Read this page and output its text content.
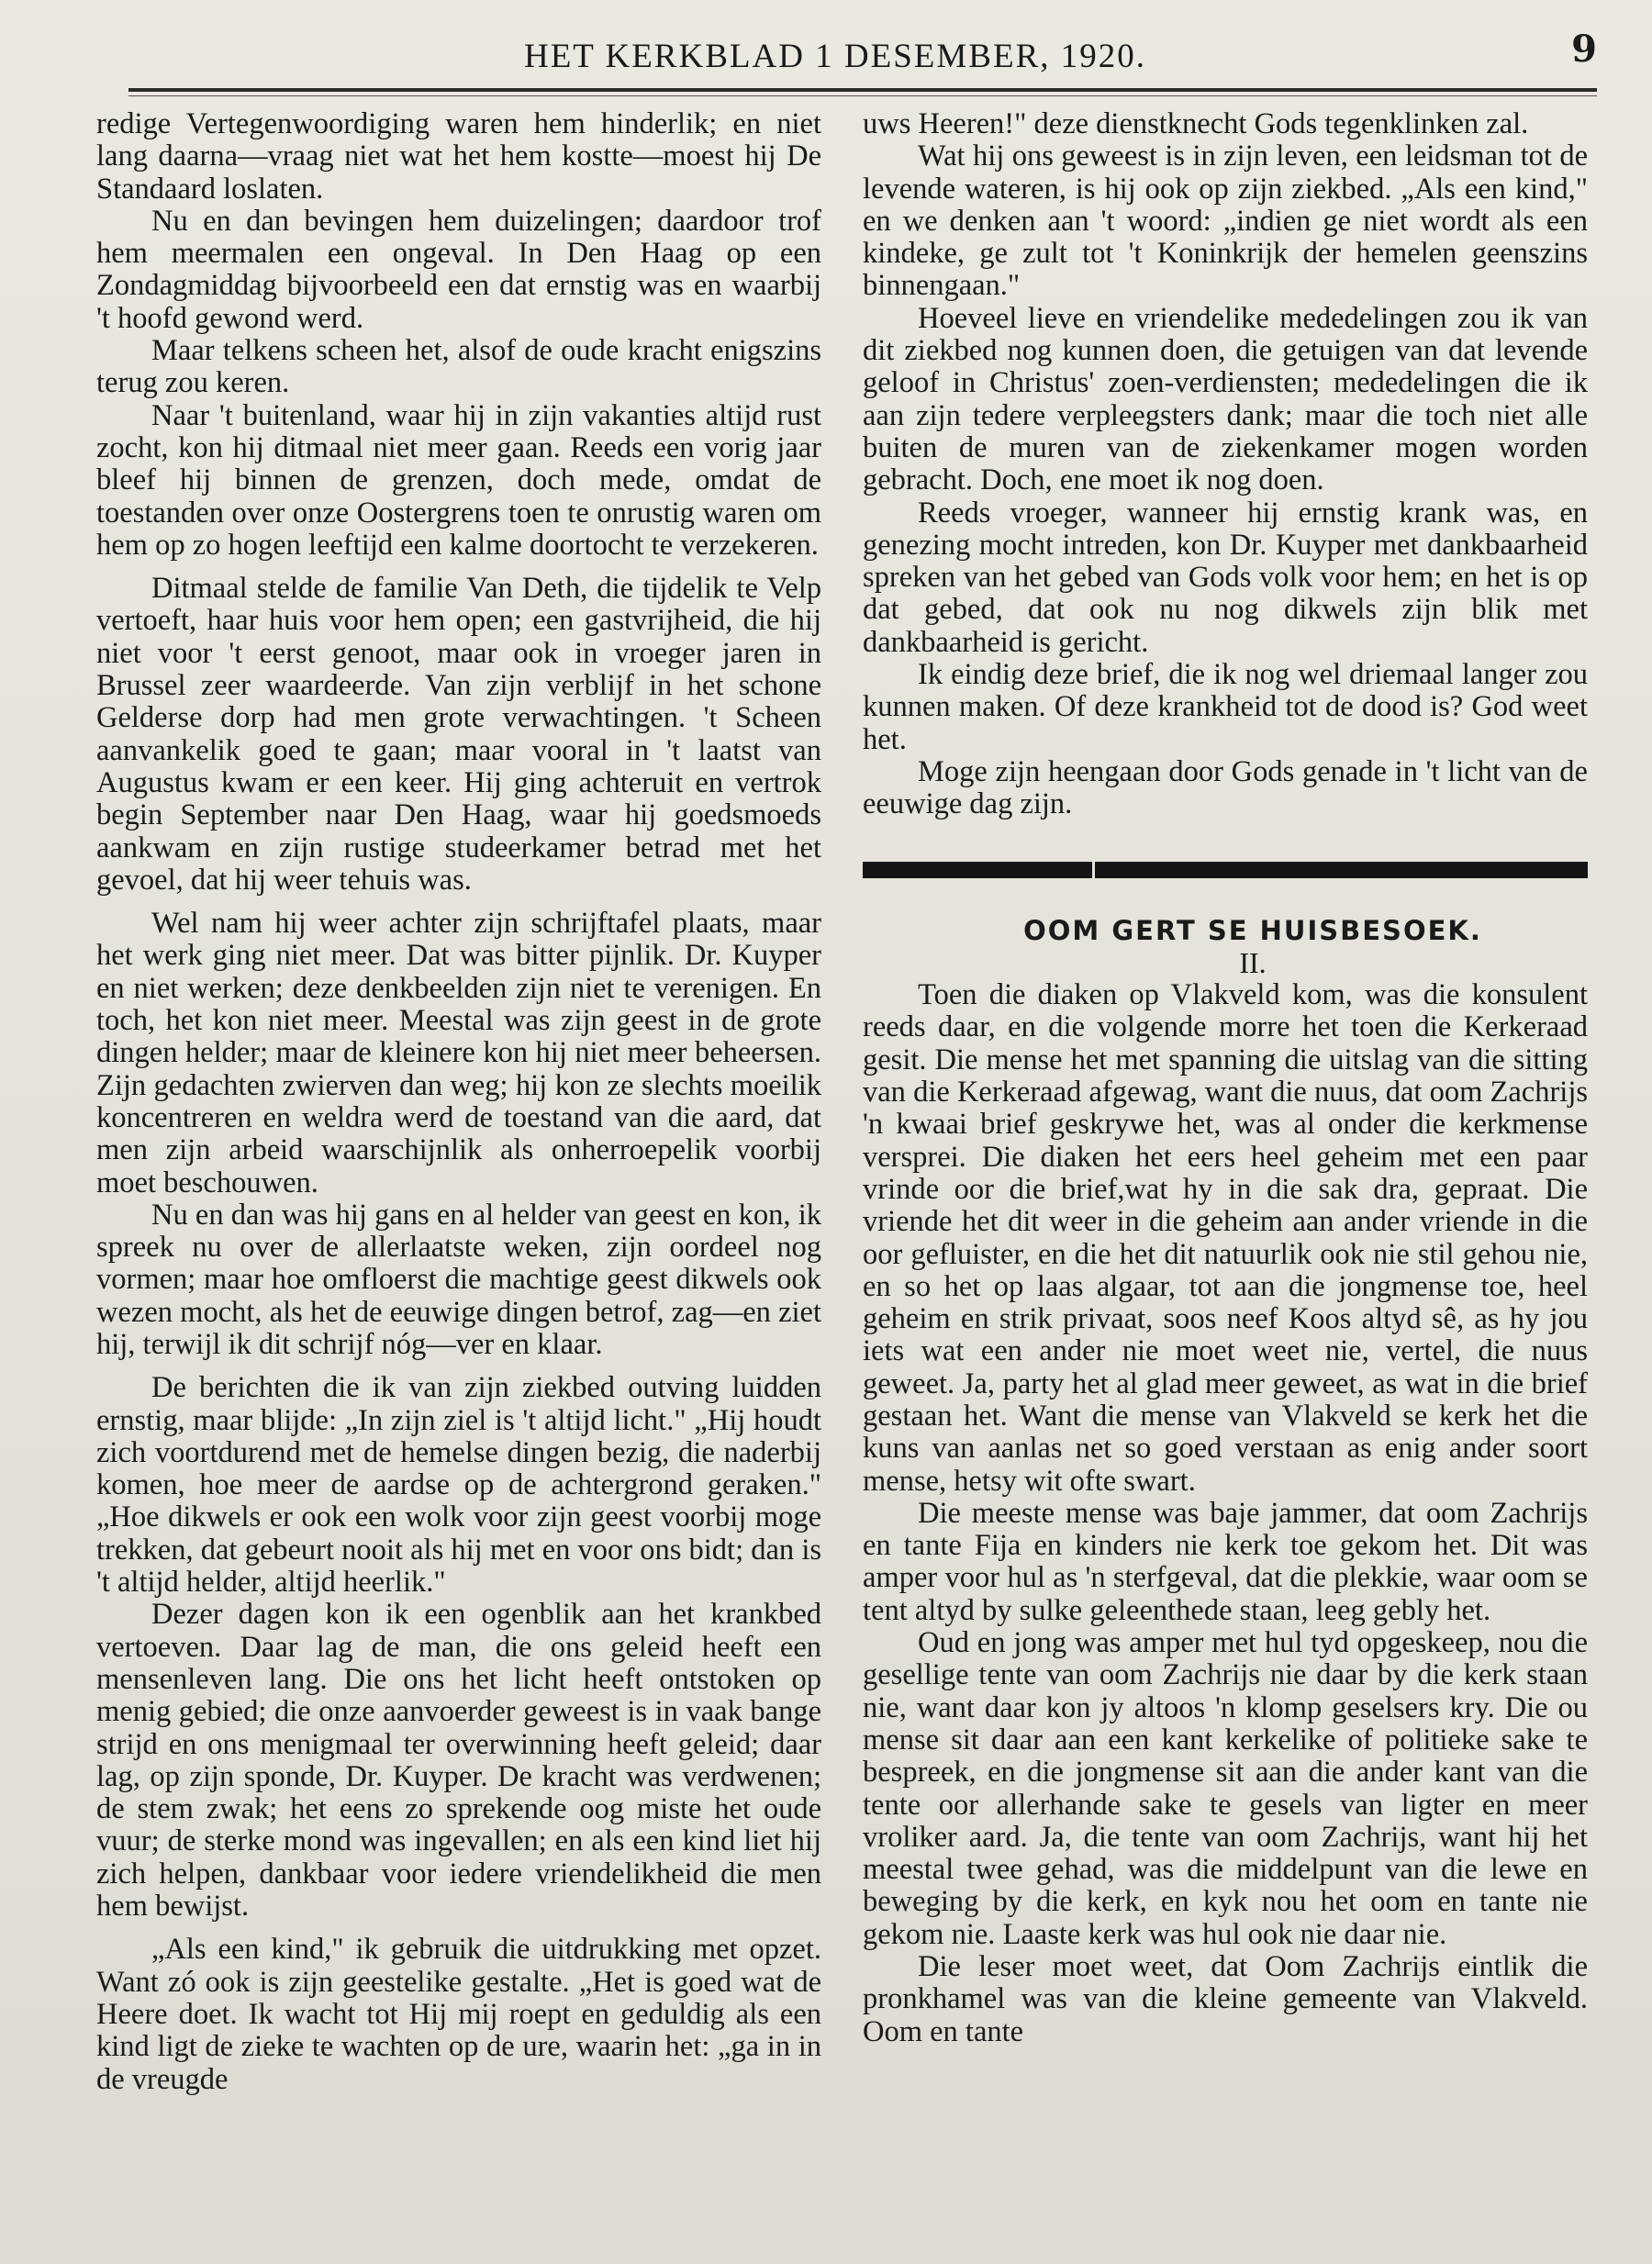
HET KERKBLAD 1 DESEMBER, 1920.	9

redige Vertegenwoordiging waren hem hinderlik; en niet lang daarna—vraag niet wat het hem kostte—moest hij De Standaard loslaten.

Nu en dan bevingen hem duizelingen; daardoor trof hem meermalen een ongeval. In Den Haag op een Zondagmiddag bijvoorbeeld een dat ernstig was en waarbij 't hoofd gewond werd.

Maar telkens scheen het, alsof de oude kracht enigszins terug zou keren.

Naar 't buitenland, waar hij in zijn vakanties altijd rust zocht, kon hij ditmaal niet meer gaan. Reeds een vorig jaar bleef hij binnen de grenzen, doch mede, omdat de toestanden over onze Oostergrens toen te onrustig waren om hem op zo hogen leeftijd een kalme doortocht te verzekeren.

Ditmaal stelde de familie Van Deth, die tijdelik te Velp vertoeft, haar huis voor hem open; een gastvrijheid, die hij niet voor 't eerst genoot, maar ook in vroeger jaren in Brussel zeer waardeerde. Van zijn verblijf in het schone Gelderse dorp had men grote verwachtingen. 't Scheen aanvankelik goed te gaan; maar vooral in 't laatst van Augustus kwam er een keer. Hij ging achteruit en vertrok begin September naar Den Haag, waar hij goedsmoeds aankwam en zijn rustige studeerkamer betrad met het gevoel, dat hij weer tehuis was.

Wel nam hij weer achter zijn schrijftafel plaats, maar het werk ging niet meer. Dat was bitter pijnlik. Dr. Kuyper en niet werken; deze denkbeelden zijn niet te verenigen. En toch, het kon niet meer. Meestal was zijn geest in de grote dingen helder; maar de kleinere kon hij niet meer beheersen. Zijn gedachten zwierven dan weg; hij kon ze slechts moeilik koncentreren en weldra werd de toestand van die aard, dat men zijn arbeid waarschijnlik als onherroepelik voorbij moet beschouwen.

Nu en dan was hij gans en al helder van geest en kon, ik spreek nu over de allerlaatste weken, zijn oordeel nog vormen; maar hoe omfloerst die machtige geest dikwels ook wezen mocht, als het de eeuwige dingen betrof, zag—en ziet hij, terwijl ik dit schrijf nóg—ver en klaar.

De berichten die ik van zijn ziekbed outving luidden ernstig, maar blijde: „In zijn ziel is 't altijd licht." „Hij houdt zich voortdurend met de hemelse dingen bezig, die naderbij komen, hoe meer de aardse op de achtergrond geraken." „Hoe dikwels er ook een wolk voor zijn geest voorbij moge trekken, dat gebeurt nooit als hij met en voor ons bidt; dan is 't altijd helder, altijd heerlik."

Dezer dagen kon ik een ogenblik aan het krankbed vertoeven. Daar lag de man, die ons geleid heeft een mensenleven lang. Die ons het licht heeft ontstoken op menig gebied; die onze aanvoerder geweest is in vaak bange strijd en ons menigmaal ter overwinning heeft geleid; daar lag, op zijn sponde, Dr. Kuyper. De kracht was verdwenen; de stem zwak; het eens zo sprekende oog miste het oude vuur; de sterke mond was ingevallen; en als een kind liet hij zich helpen, dankbaar voor iedere vriendelikheid die men hem bewijst.

„Als een kind," ik gebruik die uitdrukking met opzet. Want zó ook is zijn geestelike gestalte. „Het is goed wat de Heere doet. Ik wacht tot Hij mij roept en geduldig als een kind ligt de zieke te wachten op de ure, waarin het: „ga in in de vreugde

uws Heeren!" deze dienstknecht Gods tegenklinken zal.

Wat hij ons geweest is in zijn leven, een leidsman tot de levende wateren, is hij ook op zijn ziekbed. „Als een kind," en we denken aan 't woord: „indien ge niet wordt als een kindeke, ge zult tot 't Koninkrijk der hemelen geenszins binnengaan."

Hoeveel lieve en vriendelike mededelingen zou ik van dit ziekbed nog kunnen doen, die getuigen van dat levende geloof in Christus' zoen-verdiensten; mededelingen die ik aan zijn tedere verpleegsters dank; maar die toch niet alle buiten de muren van de ziekenkamer mogen worden gebracht. Doch, ene moet ik nog doen.

Reeds vroeger, wanneer hij ernstig krank was, en genezing mocht intreden, kon Dr. Kuyper met dankbaarheid spreken van het gebed van Gods volk voor hem; en het is op dat gebed, dat ook nu nog dikwels zijn blik met dankbaarheid is gericht.

Ik eindig deze brief, die ik nog wel driemaal langer zou kunnen maken. Of deze krankheid tot de dood is? God weet het.

Moge zijn heengaan door Gods genade in 't licht van de eeuwige dag zijn.

OOM GERT SE HUISBESOEK.

II.

Toen die diaken op Vlakveld kom, was die konsulent reeds daar, en die volgende morre het toen die Kerkeraad gesit. Die mense het met spanning die uitslag van die sitting van die Kerkeraad afgewag, want die nuus, dat oom Zachrijs 'n kwaai brief geskrywe het, was al onder die kerkmense versprei. Die diaken het eers heel geheim met een paar vrinde oor die brief,wat hy in die sak dra, gepraat. Die vriende het dit weer in die geheim aan ander vriende in die oor gefluister, en die het dit natuurlik ook nie stil gehou nie, en so het op laas algaar, tot aan die jongmense toe, heel geheim en strik privaat, soos neef Koos altyd sê, as hy jou iets wat een ander nie moet weet nie, vertel, die nuus geweet. Ja, party het al glad meer geweet, as wat in die brief gestaan het. Want die mense van Vlakveld se kerk het die kuns van aanlas net so goed verstaan as enig ander soort mense, hetsy wit ofte swart.

Die meeste mense was baje jammer, dat oom Zachrijs en tante Fija en kinders nie kerk toe gekom het. Dit was amper voor hul as 'n sterfgeval, dat die plekkie, waar oom se tent altyd by sulke geleenthede staan, leeg gebly het.

Oud en jong was amper met hul tyd opgeskeep, nou die gesellige tente van oom Zachrijs nie daar by die kerk staan nie, want daar kon jy altoos 'n klomp geselsers kry. Die ou mense sit daar aan een kant kerkelike of politieke sake te bespreek, en die jongmense sit aan die ander kant van die tente oor allerhande sake te gesels van ligter en meer vroliker aard. Ja, die tente van oom Zachrijs, want hij het meestal twee gehad, was die middelpunt van die lewe en beweging by die kerk, en kyk nou het oom en tante nie gekom nie. Laaste kerk was hul ook nie daar nie.

Die leser moet weet, dat Oom Zachrijs eintlik die pronkhamel was van die kleine gemeente van Vlakveld. Oom en tante
